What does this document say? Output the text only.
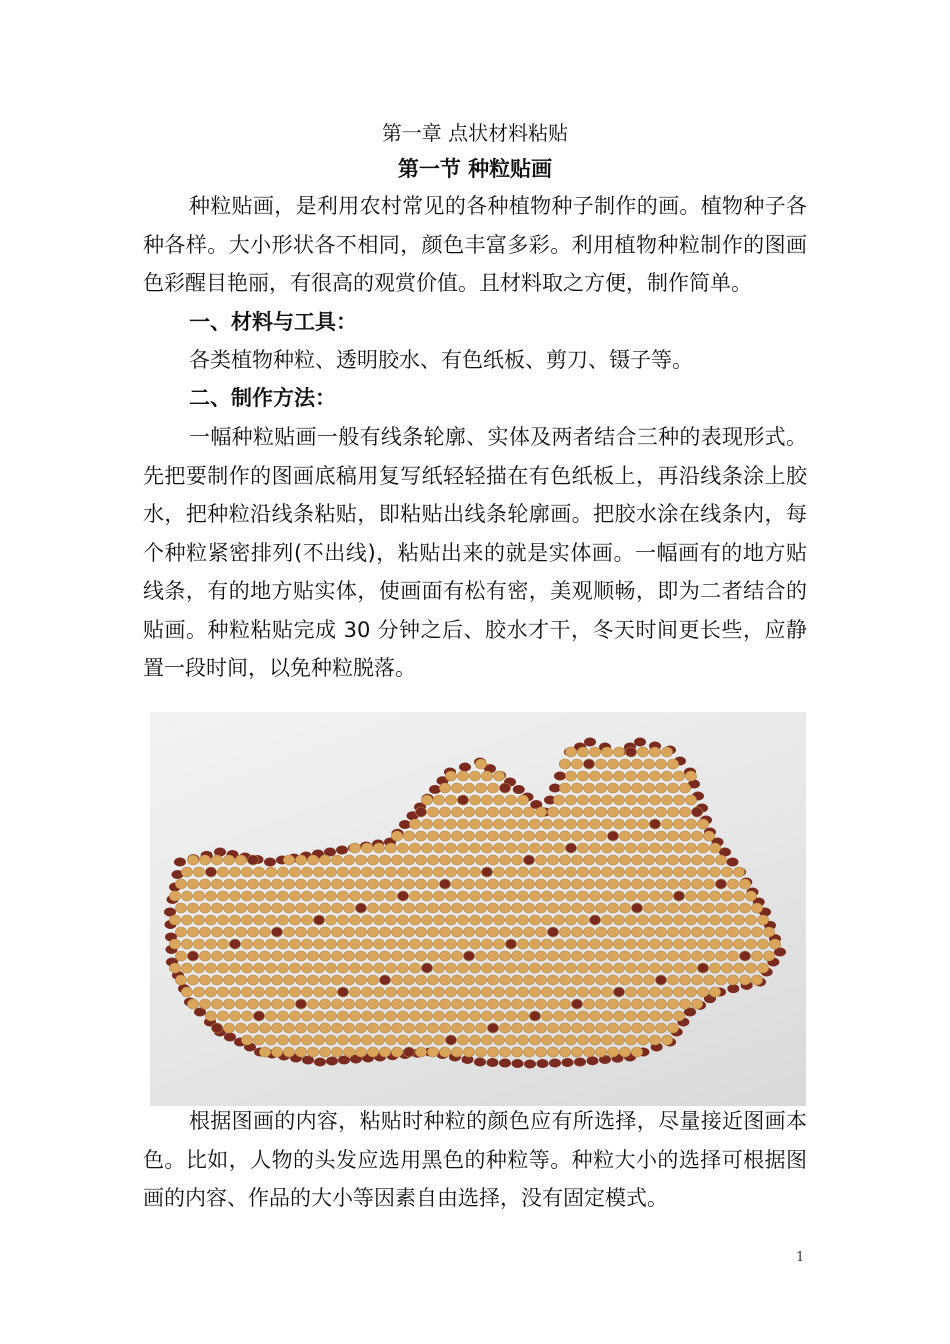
第一章 点状材料粘贴
第一节 种粒贴画

种粒贴画，是利用农村常见的各种植物种子制作的画。植物种子各种各样。大小形状各不相同，颜色丰富多彩。利用植物种粒制作的图画色彩醒目艳丽，有很高的观赏价值。且材料取之方便，制作简单。

一、材料与工具：

各类植物种粒、透明胶水、有色纸板、剪刀、镊子等。

二、制作方法：

一幅种粒贴画一般有线条轮廓、实体及两者结合三种的表现形式。先把要制作的图画底稿用复写纸轻轻描在有色纸板上，再沿线条涂上胶水，把种粒沿线条粘贴，即粘贴出线条轮廓画。把胶水涂在线条内，每个种粒紧密排列(不出线)，粘贴出来的就是实体画。一幅画有的地方贴线条，有的地方贴实体，使画面有松有密，美观顺畅，即为二者结合的贴画。种粒粘贴完成 30 分钟之后、胶水才干，冬天时间更长些，应静置一段时间，以免种粒脱落。

根据图画的内容，粘贴时种粒的颜色应有所选择，尽量接近图画本色。比如，人物的头发应选用黑色的种粒等。种粒大小的选择可根据图画的内容、作品的大小等因素自由选择，没有固定模式。

1
